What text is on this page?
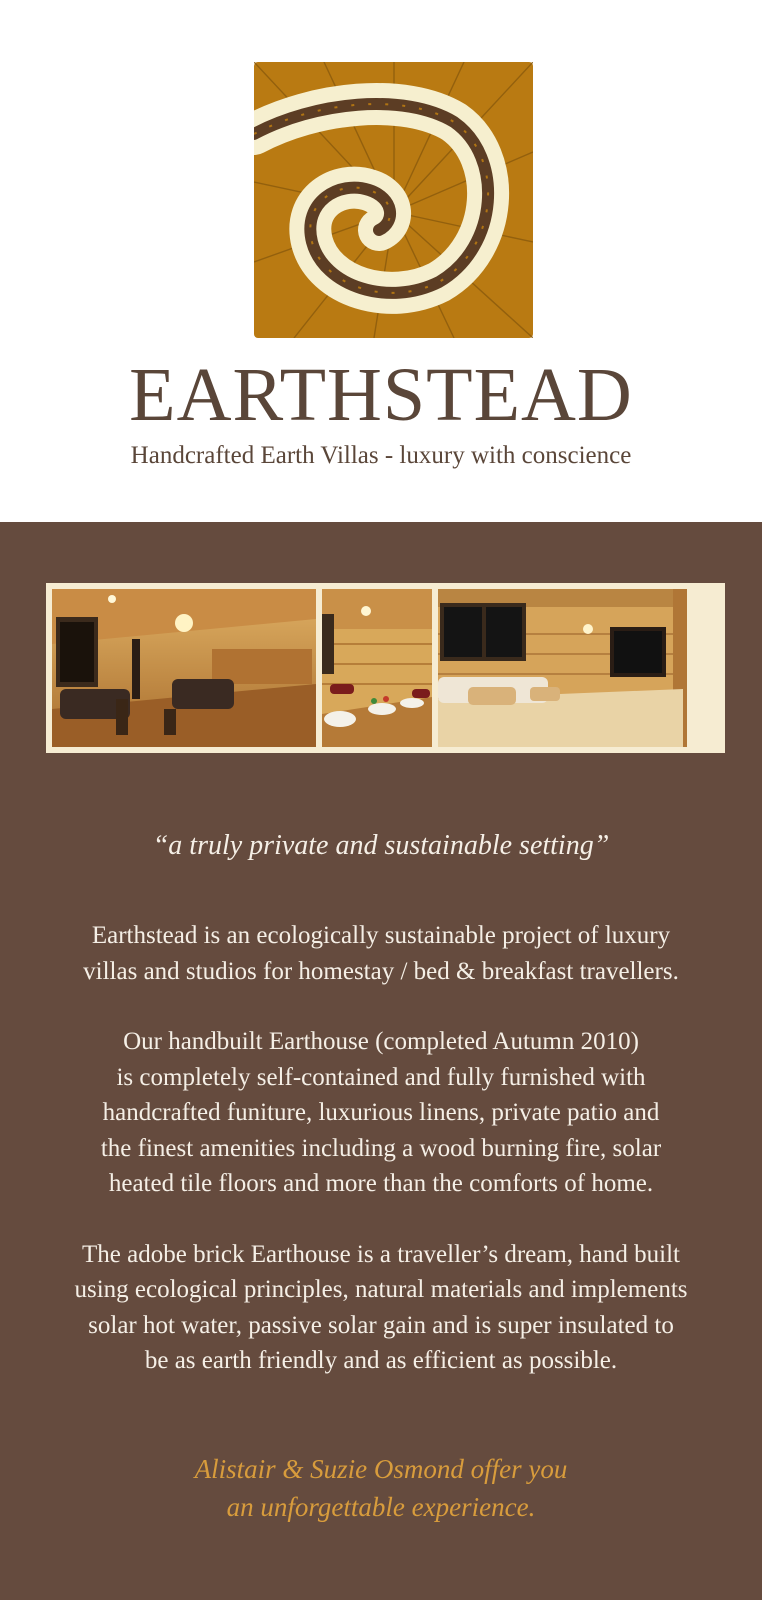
EARTHSTEAD
Handcrafted Earth Villas - luxury with conscience
“a truly private and sustainable setting”

Earthstead is an ecologically sustainable project of luxury
villas and studios for homestay / bed & breakfast travellers.

Our handbuilt Earthouse (completed Autumn 2010)
is completely self-contained and fully furnished with
handcrafted funiture, luxurious linens, private patio and
the finest amenities including a wood burning fire, solar
heated tile floors and more than the comforts of home.

The adobe brick Earthouse is a traveller’s dream, hand built
using ecological principles, natural materials and implements
solar hot water, passive solar gain and is super insulated to
be as earth friendly and as efficient as possible.

Alistair & Suzie Osmond offer you
an unforgettable experience.
